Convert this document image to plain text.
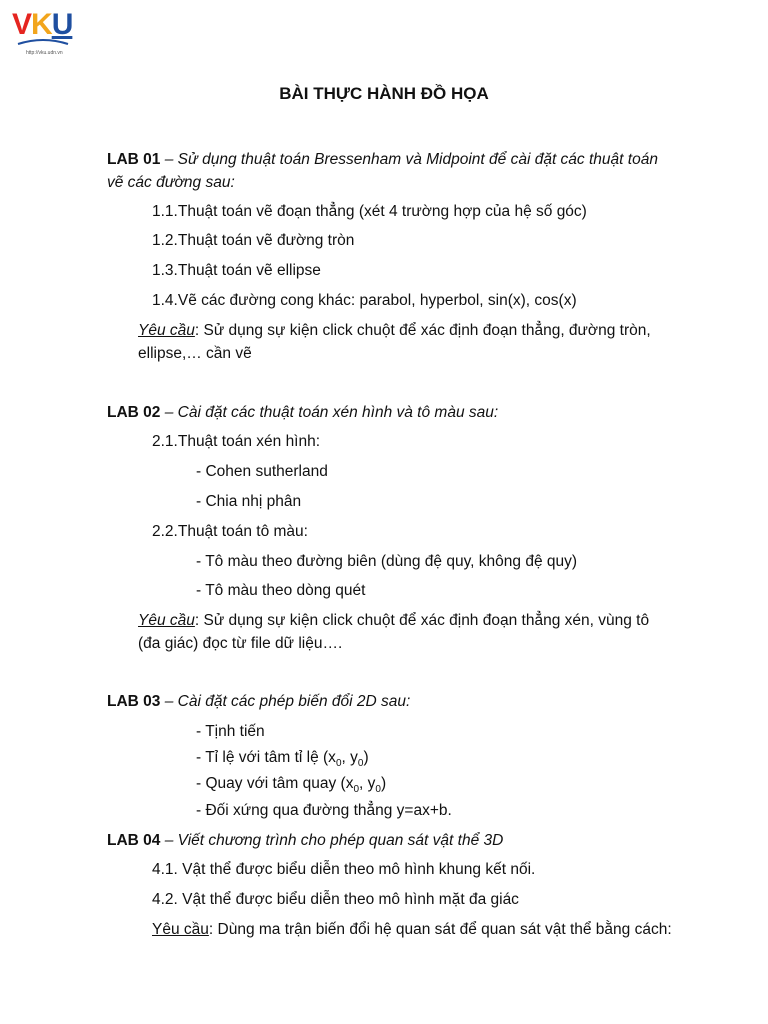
V K U
http://vku.udn.vn
BÀI THỰC HÀNH ĐỒ HỌA
LAB 01 – Sử dụng thuật toán Bressenham và Midpoint để cài đặt các thuật toán
vẽ các đường sau:
1.1.Thuật toán vẽ đoạn thẳng (xét 4 trường hợp của hệ số góc)
1.2.Thuật toán vẽ đường tròn
1.3.Thuật toán vẽ ellipse
1.4.Vẽ các đường cong khác: parabol, hyperbol, sin(x), cos(x)
Yêu cầu: Sử dụng sự kiện click chuột để xác định đoạn thẳng, đường tròn,
ellipse,… cần vẽ
LAB 02 – Cài đặt các thuật toán xén hình và tô màu sau:
2.1.Thuật toán xén hình:
- Cohen sutherland
- Chia nhị phân
2.2.Thuật toán tô màu:
- Tô màu theo đường biên (dùng đệ quy, không đệ quy)
- Tô màu theo dòng quét
Yêu cầu: Sử dụng sự kiện click chuột để xác định đoạn thẳng xén, vùng tô
(đa giác) đọc từ file dữ liệu….
LAB 03 – Cài đặt các phép biến đổi 2D sau:
- Tịnh tiến
- Tỉ lệ với tâm tỉ lệ ($x_0$, $y_0$)
- Quay với tâm quay ($x_0$, $y_0$)
- Đối xứng qua đường thẳng y=ax+b.
LAB 04 – Viết chương trình cho phép quan sát vật thể 3D
4.1. Vật thể được biểu diễn theo mô hình khung kết nối.
4.2. Vật thể được biểu diễn theo mô hình mặt đa giác
Yêu cầu: Dùng ma trận biến đổi hệ quan sát để quan sát vật thể bằng cách:
